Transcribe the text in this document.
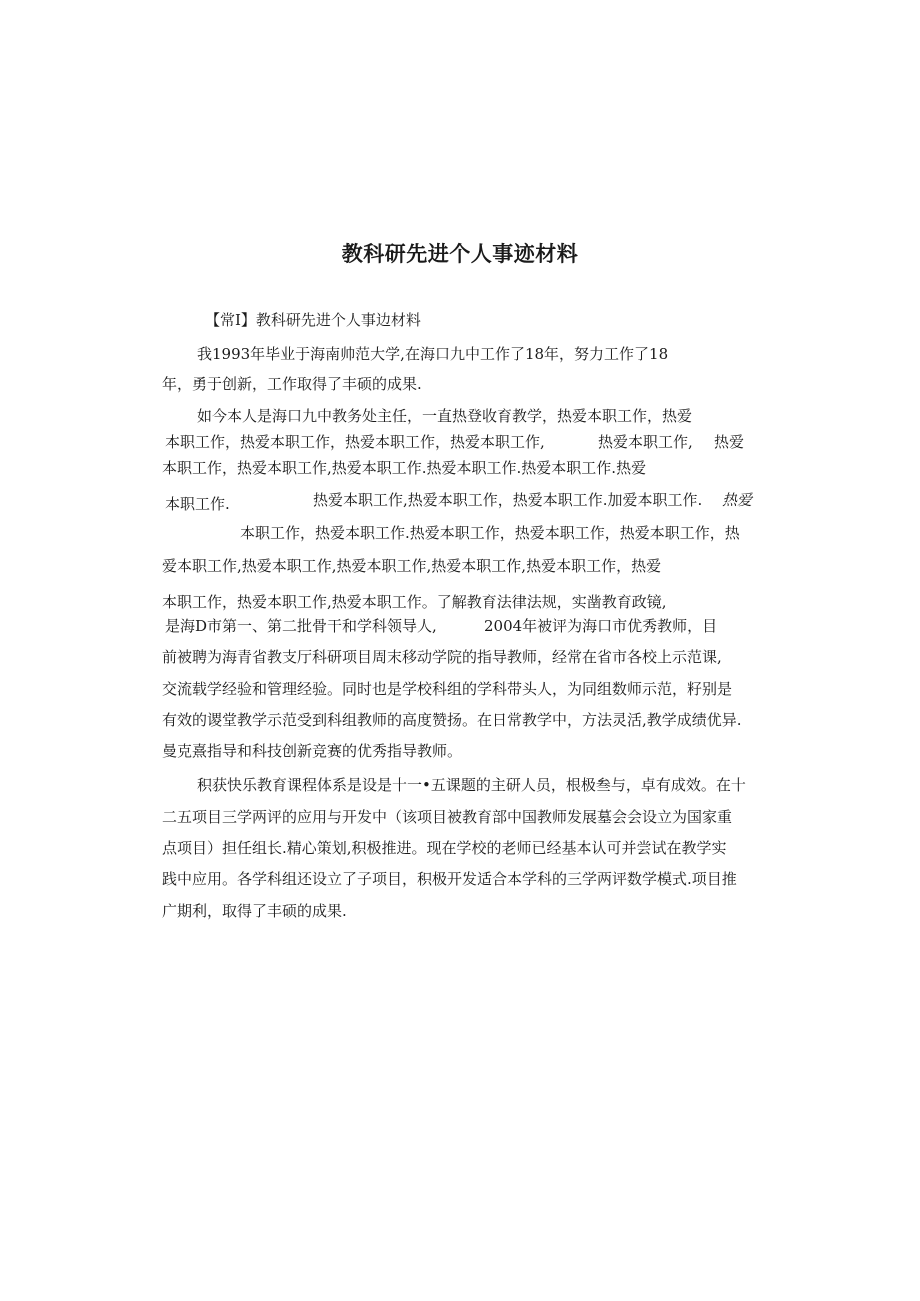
教科研先进个人事迹材料
【常I】教科研先进个人事边材料
我1993年毕业于海南帅范大学,在海口九中工作了18年，努力工作了18
年，勇于创新，工作取得了丰硕的成果.
如今本人是海口九中教务处主任，一直热登收育教学，热爱本职工作，热爱
本职工作，热爱本职工作，热爱本职工作，热爱本职工作,	热爱本职工作, 热爱
本职工作，热爱本职工作,热爱本职工作.热爱本职工作.热爱本职工作.热爱
本职工作.	热爱本职工作,热爱本职工作，热爱本职工作.加爱本职工作. 热爱
本职工作，热爱本职工作.热爱本职工作，热爱本职工作，热爱本职工作，热
爱本职工作,热爱本职工作,热爱本职工作,热爱本职工作,热爱本职工作，热爱
本职工作，热爱本职工作,热爱本职工作。了解教育法律法规，实凿教育政镜,
是海D市第一、第二批骨干和学科领导人,	2004年被评为海口市优秀教师，目
前被聘为海青省教支厅科研项目周末移动学院的指导教师，经常在省市各校上示范课,
交流载学经验和管理经验。同时也是学校科组的学科带头人，为同组数师示范，籽别是
有效的谡堂教学示范受到科组教师的高度赞扬。在日常教学中，方法灵活,教学成绩优异.
曼克熹指导和科技创新竞赛的优秀指导教师。
积获快乐教育课程体系是设是十一•五课题的主研人员，根极叁与，卓有成效。在十
二五项目三学两评的应用与开发中（该项目被教育部中国教师发展墓会会设立为国家重
点项目）担任组长.精心策划,积极推进。现在学校的老师已经基本认可并尝试在教学实
践中应用。各学科组还设立了子项目，积极开发适合本学科的三学两评数学模式.项目推
广期利，取得了丰硕的成果.
